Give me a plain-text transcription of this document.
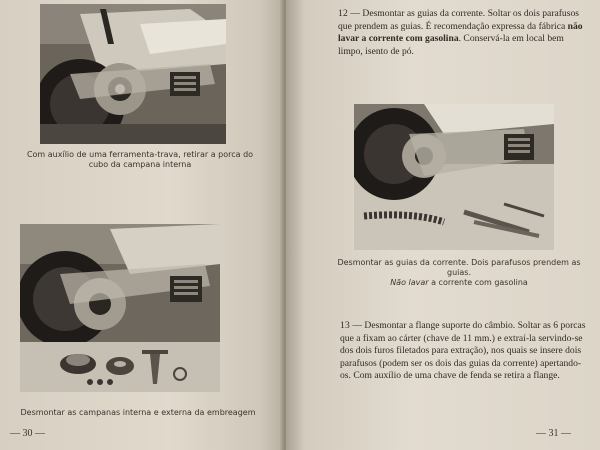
Com auxílio de uma ferramenta-trava, retirar a porca do cubo da campana interna

Desmontar as campanas interna e externa da embreagem

— 30 —

12 — Desmontar as guias da corrente. Soltar os dois parafusos que prendem as guias. É recomendação expressa da fábrica não lavar a corrente com gasolina. Conservá-la em local bem limpo, isento de pó.

Desmontar as guias da corrente. Dois parafusos prendem as guias.
Não lavar a corrente com gasolina

13 — Desmontar a flange suporte do câmbio. Soltar as 6 porcas que a fixam ao cárter (chave de 11 mm.) e extraí-la servindo-se dos dois furos filetados para extração), nos quais se insere dois parafusos (podem ser os dois das guias da corrente) apertando-os. Com auxílio de uma chave de fenda se retira a flange.

— 31 —
